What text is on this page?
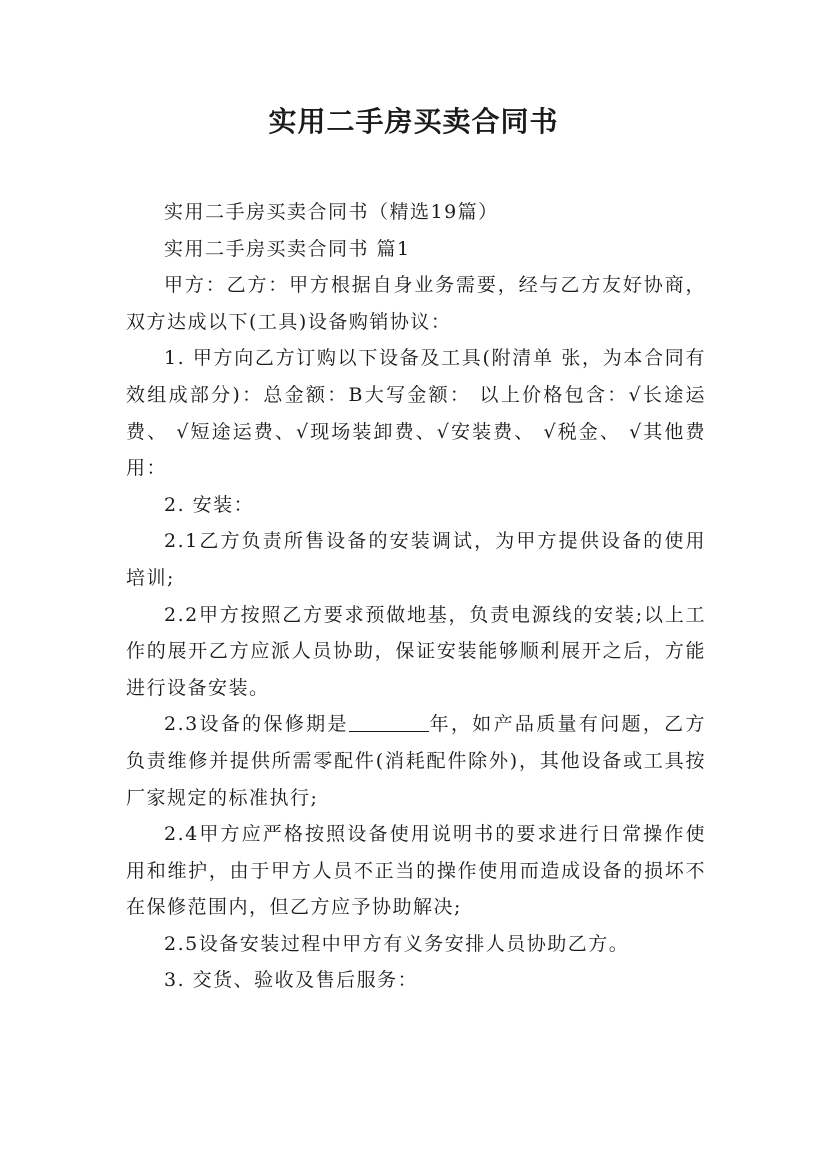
实用二手房买卖合同书

实用二手房买卖合同书（精选19篇）

实用二手房买卖合同书 篇1

甲方：乙方：甲方根据自身业务需要，经与乙方友好协商，双方达成以下(工具)设备购销协议：

1. 甲方向乙方订购以下设备及工具(附清单 张，为本合同有效组成部分)：总金额：B大写金额： 以上价格包含：√长途运费、 √短途运费、√现场装卸费、√安装费、 √税金、 √其他费用：

2. 安装：

2.1乙方负责所售设备的安装调试，为甲方提供设备的使用培训;

2.2甲方按照乙方要求预做地基，负责电源线的安装;以上工作的展开乙方应派人员协助，保证安装能够顺利展开之后，方能进行设备安装。

2.3设备的保修期是	年，如产品质量有问题，乙方负责维修并提供所需零配件(消耗配件除外)，其他设备或工具按厂家规定的标准执行;

2.4甲方应严格按照设备使用说明书的要求进行日常操作使用和维护，由于甲方人员不正当的操作使用而造成设备的损坏不在保修范围内，但乙方应予协助解决;

2.5设备安装过程中甲方有义务安排人员协助乙方。

3. 交货、验收及售后服务：
